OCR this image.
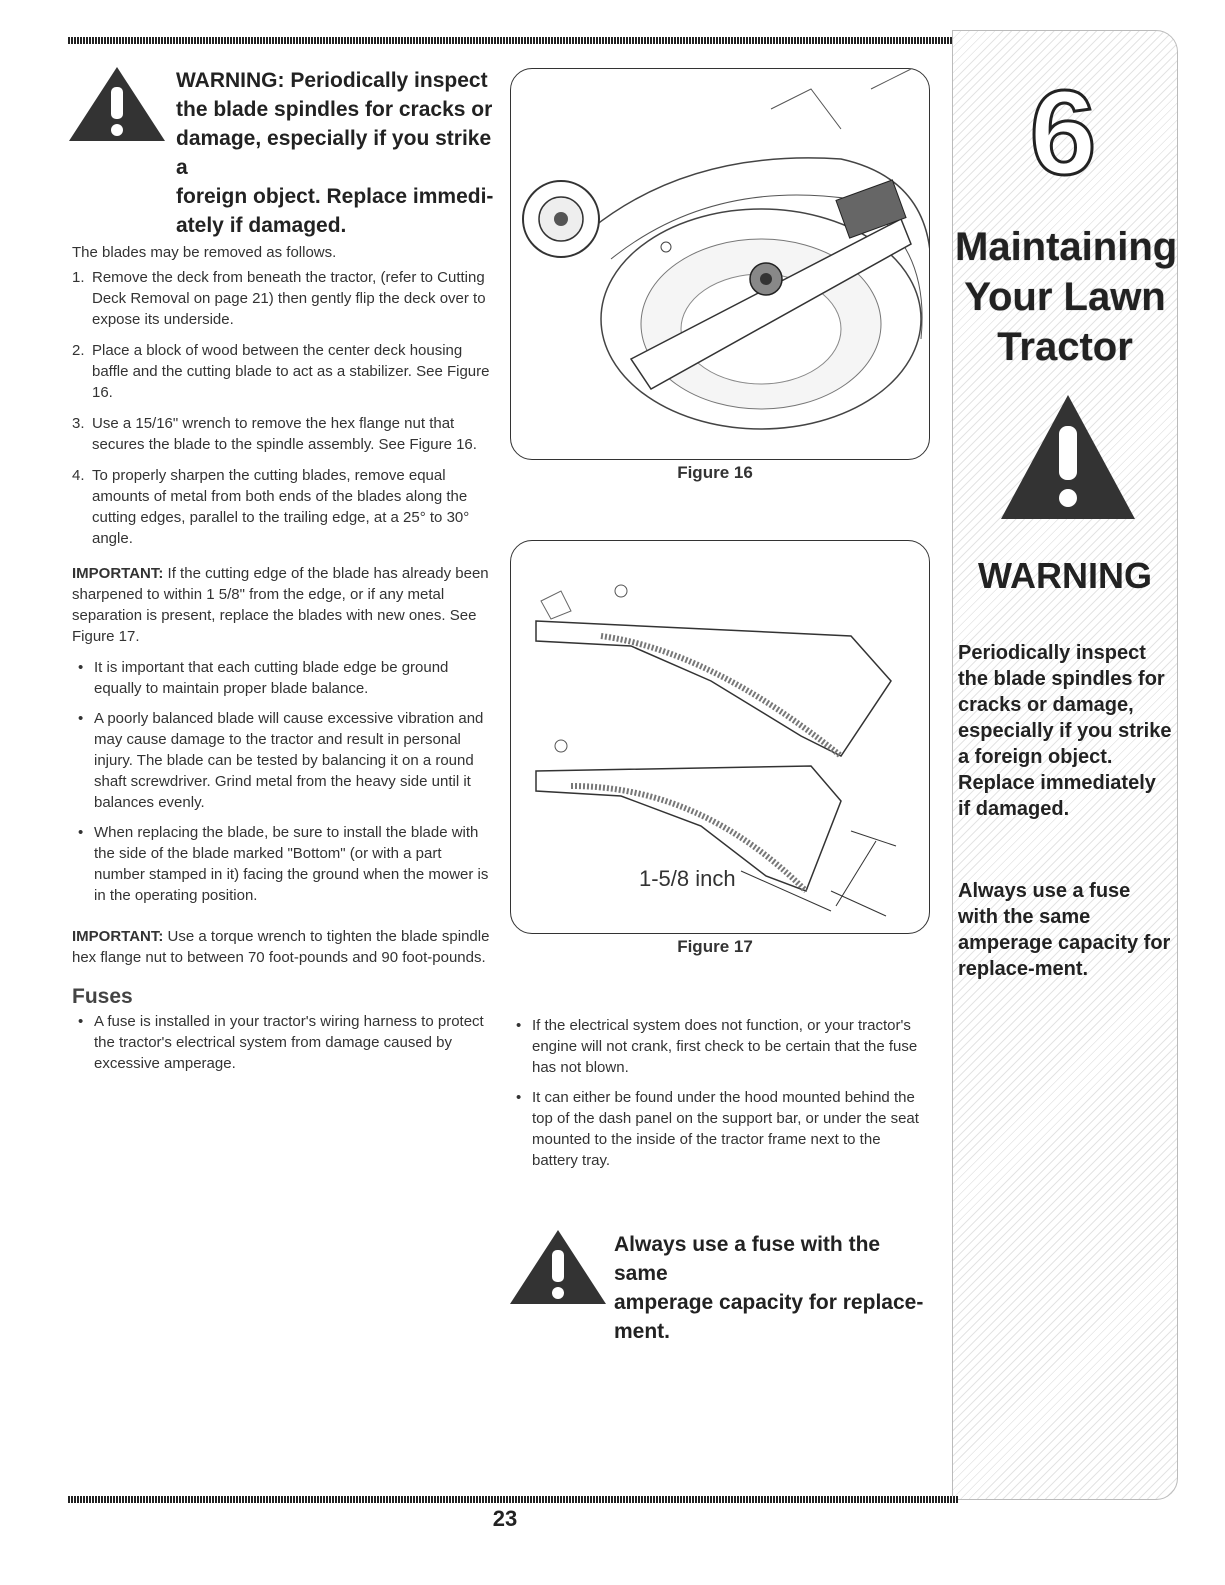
WARNING: Periodically inspect
the blade spindles for cracks or
damage, especially if you strike a
foreign object. Replace immedi-
ately if damaged.

The blades may be removed as follows.

1. Remove the deck from beneath the tractor, (refer to Cutting Deck Removal on page 21) then gently flip the deck over to expose its underside.
2. Place a block of wood between the center deck housing baffle and the cutting blade to act as a stabilizer. See Figure 16.
3. Use a 15/16" wrench to remove the hex flange nut that secures the blade to the spindle assembly. See Figure 16.
4. To properly sharpen the cutting blades, remove equal amounts of metal from both ends of the blades along the cutting edges, parallel to the trailing edge, at a 25° to 30° angle.

IMPORTANT: If the cutting edge of the blade has already been sharpened to within 1 5/8" from the edge, or if any metal separation is present, replace the blades with new ones. See Figure 17.

• It is important that each cutting blade edge be ground equally to maintain proper blade balance.
• A poorly balanced blade will cause excessive vibration and may cause damage to the tractor and result in personal injury. The blade can be tested by balancing it on a round shaft screwdriver. Grind metal from the heavy side until it balances evenly.
• When replacing the blade, be sure to install the blade with the side of the blade marked "Bottom" (or with a part number stamped in it) facing the ground when the mower is in the operating position.

IMPORTANT: Use a torque wrench to tighten the blade spindle hex flange nut to between 70 foot-pounds and 90 foot-pounds.

Fuses
• A fuse is installed in your tractor's wiring harness to protect the tractor's electrical system from damage caused by excessive amperage.
Figure 16
1-5/8 inch
Figure 17
• If the electrical system does not function, or your tractor's engine will not crank, first check to be certain that the fuse has not blown.
• It can either be found under the hood mounted behind the top of the dash panel on the support bar, or under the seat mounted to the inside of the tractor frame next to the battery tray.
Always use a fuse with the same
amperage capacity for replace-
ment.
6
Maintaining
Your Lawn
Tractor
WARNING
Periodically inspect the blade spindles for cracks or damage, especially if you strike a foreign object. Replace immediately if damaged.
Always use a fuse with the same amperage capacity for replace-ment.
23
